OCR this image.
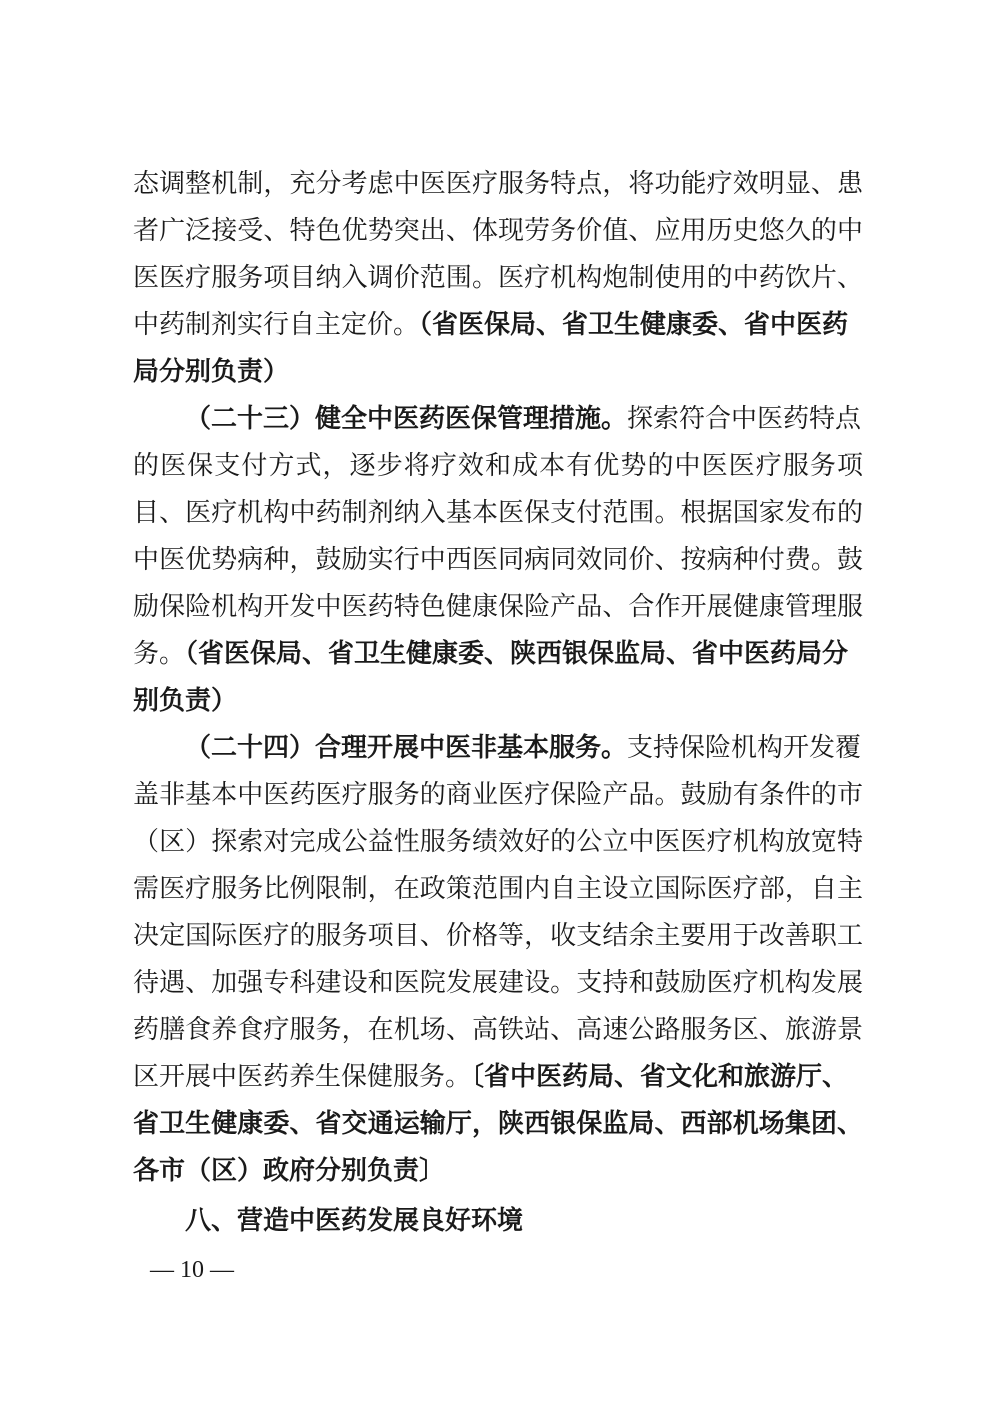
态调整机制，充分考虑中医医疗服务特点，将功能疗效明显、患
者广泛接受、特色优势突出、体现劳务价值、应用历史悠久的中
医医疗服务项目纳入调价范围。医疗机构炮制使用的中药饮片、
中药制剂实行自主定价。（省医保局、省卫生健康委、省中医药
局分别负责）
（二十三）健全中医药医保管理措施。探索符合中医药特点
的医保支付方式，逐步将疗效和成本有优势的中医医疗服务项
目、医疗机构中药制剂纳入基本医保支付范围。根据国家发布的
中医优势病种，鼓励实行中西医同病同效同价、按病种付费。鼓
励保险机构开发中医药特色健康保险产品、合作开展健康管理服
务。（省医保局、省卫生健康委、陕西银保监局、省中医药局分
别负责）
（二十四）合理开展中医非基本服务。支持保险机构开发覆
盖非基本中医药医疗服务的商业医疗保险产品。鼓励有条件的市
（区）探索对完成公益性服务绩效好的公立中医医疗机构放宽特
需医疗服务比例限制，在政策范围内自主设立国际医疗部，自主
决定国际医疗的服务项目、价格等，收支结余主要用于改善职工
待遇、加强专科建设和医院发展建设。支持和鼓励医疗机构发展
药膳食养食疗服务，在机场、高铁站、高速公路服务区、旅游景
区开展中医药养生保健服务。〔省中医药局、省文化和旅游厅、
省卫生健康委、省交通运输厅，陕西银保监局、西部机场集团、
各市（区）政府分别负责〕
八、营造中医药发展良好环境
— 10 —
